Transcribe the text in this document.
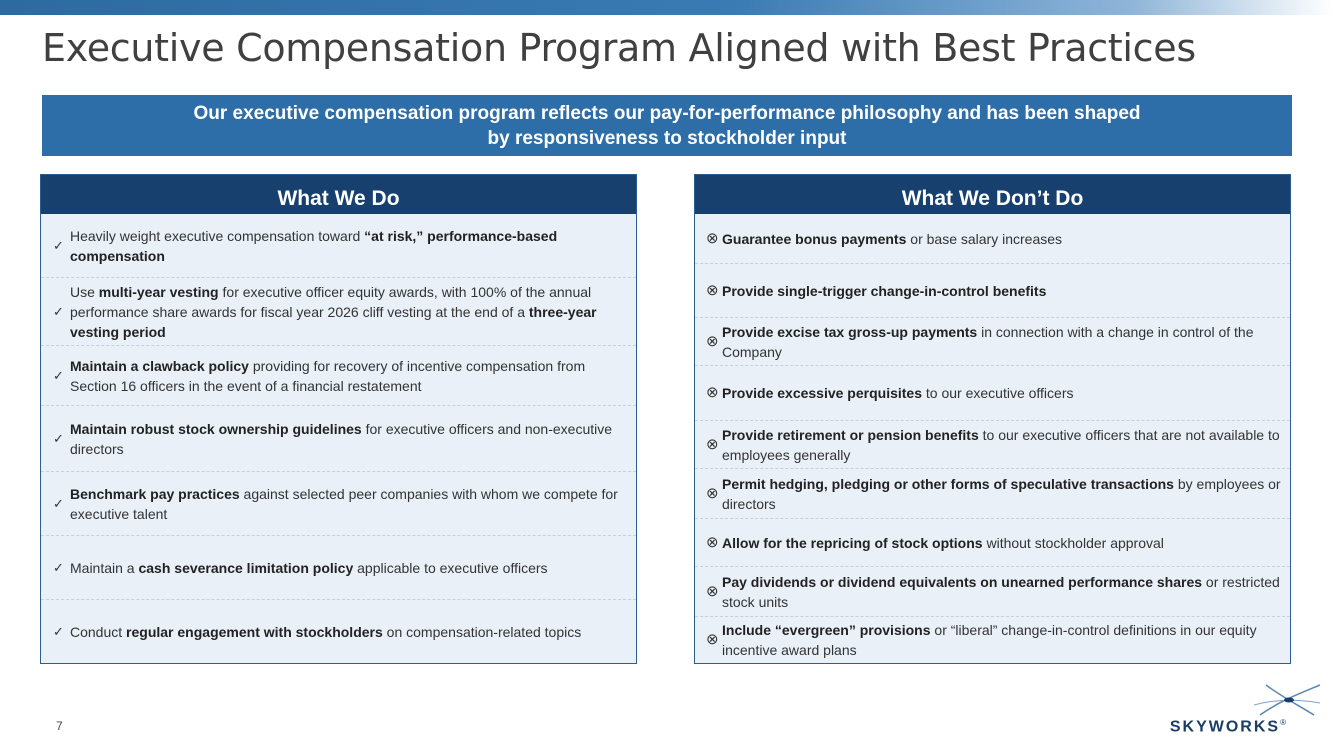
Executive Compensation Program Aligned with Best Practices
Our executive compensation program reflects our pay-for-performance philosophy and has been shaped
by responsiveness to stockholder input
What We Do
✓
Heavily weight executive compensation toward “at risk,” performance-based compensation
✓
Use multi-year vesting for executive officer equity awards, with 100% of the annual performance share awards for fiscal year 2026 cliff vesting at the end of a three-year vesting period
✓
Maintain a clawback policy providing for recovery of incentive compensation from Section 16 officers in the event of a financial restatement
✓
Maintain robust stock ownership guidelines for executive officers and non-executive directors
✓
Benchmark pay practices against selected peer companies with whom we compete for executive talent
✓ Maintain a cash severance limitation policy applicable to executive officers
✓ Conduct regular engagement with stockholders on compensation-related topics
What We Don’t Do
⊗ Guarantee bonus payments or base salary increases
⊗ Provide single-trigger change-in-control benefits
⊗
Provide excise tax gross-up payments in connection with a change in control of the Company
⊗ Provide excessive perquisites to our executive officers
⊗
Provide retirement or pension benefits to our executive officers that are not available to employees generally
⊗
Permit hedging, pledging or other forms of speculative transactions by employees or directors
⊗ Allow for the repricing of stock options without stockholder approval
⊗
Pay dividends or dividend equivalents on unearned performance shares or restricted stock units
⊗
Include “evergreen” provisions or “liberal” change-in-control definitions in our equity incentive award plans
7	SKYWORKS®
